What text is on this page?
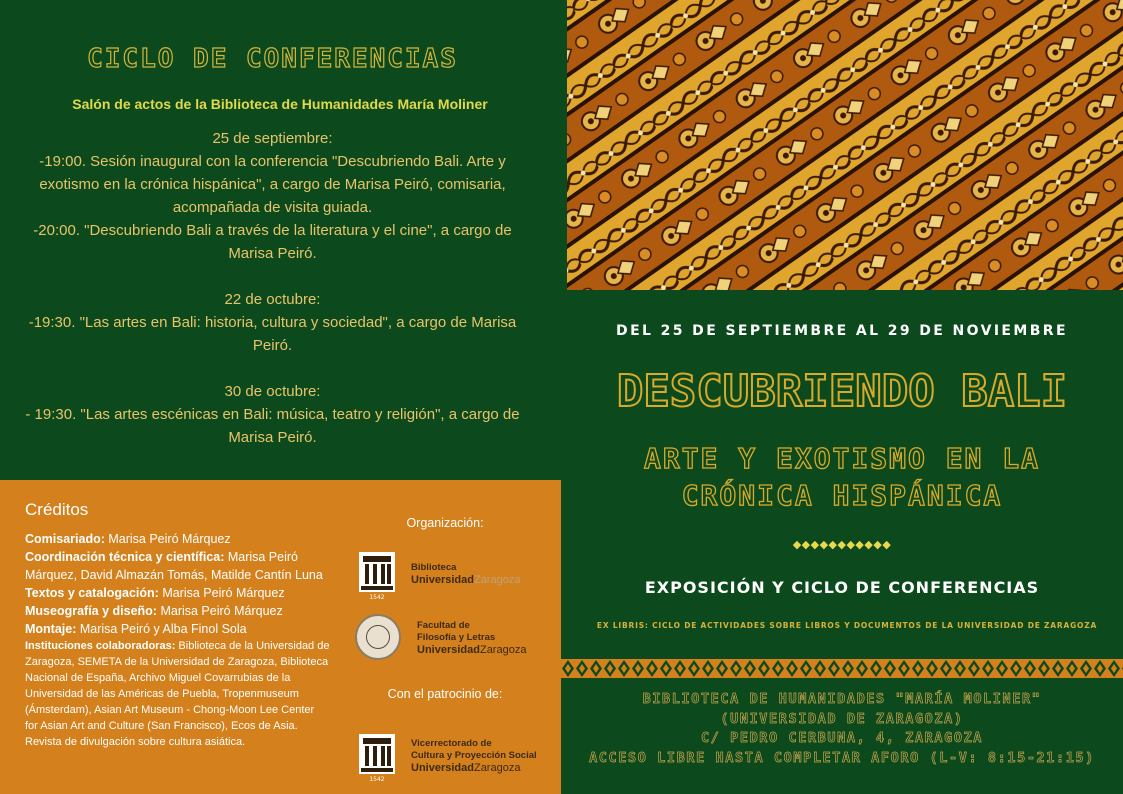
CICLO DE CONFERENCIAS
Salón de actos de la Biblioteca de Humanidades María Moliner
25 de septiembre:
-19:00. Sesión inaugural con la conferencia "Descubriendo Bali. Arte y exotismo en la crónica hispánica", a cargo de Marisa Peiró, comisaria, acompañada de visita guiada.
-20:00. "Descubriendo Bali a través de la literatura y el cine", a cargo de Marisa Peiró.
22 de octubre:
-19:30. "Las artes en Bali: historia, cultura y sociedad", a cargo de Marisa Peiró.
30 de octubre:
- 19:30. "Las artes escénicas en Bali: música, teatro y religión", a cargo de Marisa Peiró.
Créditos
Comisariado: Marisa Peiró Márquez
Coordinación técnica y científica: Marisa Peiró Márquez, David Almazán Tomás, Matilde Cantín Luna
Textos y catalogación: Marisa Peiró Márquez
Museografía y diseño: Marisa Peiró Márquez
Montaje: Marisa Peiró y Alba Finol Sola
Instituciones colaboradoras: Biblioteca de la Universidad de Zaragoza, SEMETA de la Universidad de Zaragoza, Biblioteca Nacional de España, Archivo Miguel Covarrubias de la Universidad de las Américas de Puebla, Tropenmuseum (Ámsterdam), Asian Art Museum - Chong-Moon Lee Center for Asian Art and Culture (San Francisco), Ecos de Asia. Revista de divulgación sobre cultura asiática.
Organización:
1542
Biblioteca
UniversidadZaragoza
Facultad de
Filosofía y Letras
UniversidadZaragoza
Con el patrocinio de:
1542
Vicerrectorado de
Cultura y Proyección Social
UniversidadZaragoza
DEL 25 DE SEPTIEMBRE AL 29 DE NOVIEMBRE
DESCUBRIENDO BALI
ARTE Y EXOTISMO EN LA
CRÓNICA HISPÁNICA
◆◆◆◆◆◆◆◆◆◆◆
EXPOSICIÓN Y CICLO DE CONFERENCIAS
EX LIBRIS: CICLO DE ACTIVIDADES SOBRE LIBROS Y DOCUMENTOS DE LA UNIVERSIDAD DE ZARAGOZA
BIBLIOTECA DE HUMANIDADES "MARÍA MOLINER"
(UNIVERSIDAD DE ZARAGOZA)
C/ PEDRO CERBUNA, 4, ZARAGOZA
ACCESO LIBRE HASTA COMPLETAR AFORO (L-V: 8:15-21:15)
